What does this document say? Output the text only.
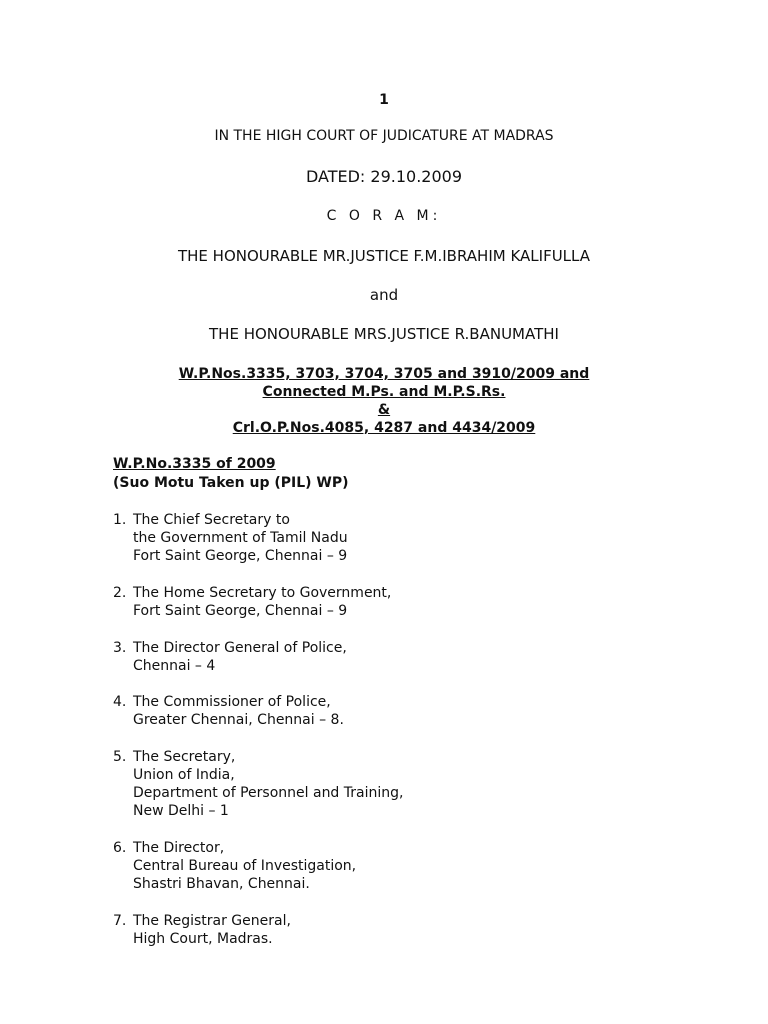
1
IN THE HIGH COURT OF JUDICATURE AT MADRAS
DATED: 29.10.2009
C O R A M:
THE HONOURABLE MR.JUSTICE F.M.IBRAHIM KALIFULLA
and
THE HONOURABLE MRS.JUSTICE R.BANUMATHI
W.P.Nos.3335, 3703, 3704, 3705 and 3910/2009 and
Connected M.Ps. and M.P.S.Rs.
&
Crl.O.P.Nos.4085, 4287 and 4434/2009
W.P.No.3335 of 2009
(Suo Motu Taken up (PIL) WP)
1. The Chief Secretary to
the Government of Tamil Nadu
Fort Saint George, Chennai – 9
2. The Home Secretary to Government,
Fort Saint George, Chennai – 9
3. The Director General of Police,
Chennai – 4
4. The Commissioner of Police,
Greater Chennai, Chennai – 8.
5. The Secretary,
Union of India,
Department of Personnel and Training,
New Delhi – 1
6. The Director,
Central Bureau of Investigation,
Shastri Bhavan, Chennai.
7. The Registrar General,
High Court, Madras.
